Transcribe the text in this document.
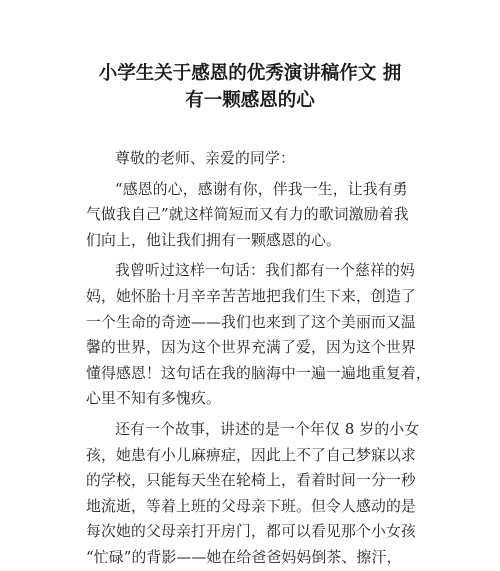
小学生关于感恩的优秀演讲稿作文 拥
有一颗感恩的心
尊敬的老师、亲爱的同学：
“感恩的心，感谢有你，伴我一生，让我有勇
气做我自己”就这样简短而又有力的歌词激励着我
们向上，他让我们拥有一颗感恩的心。
我曾听过这样一句话：我们都有一个慈祥的妈
妈，她怀胎十月辛辛苦苦地把我们生下来，创造了
一个生命的奇迹——我们也来到了这个美丽而又温
馨的世界，因为这个世界充满了爱，因为这个世界
懂得感恩！这句话在我的脑海中一遍一遍地重复着，
心里不知有多愧疚。
还有一个故事，讲述的是一个年仅 8 岁的小女
孩，她患有小儿麻痹症，因此上不了自己梦寐以求
的学校，只能每天坐在轮椅上，看着时间一分一秒
地流逝，等着上班的父母亲下班。但令人感动的是
每次她的父母亲打开房门，都可以看见那个小女孩
“忙碌”的背影——她在给爸爸妈妈倒茶、擦汗，
